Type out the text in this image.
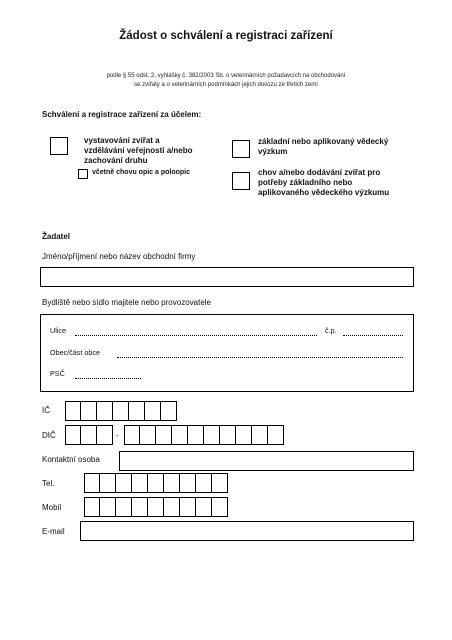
Žádost o schválení a registraci zařízení
podle § 55 odst. 2, vyhlášky č. 382/2003 Sb. o veterinárních požadavcích na obchodování
se zvířaty a o veterinárních podmínkách jejich dovozu ze třetích zemí
Schválení a registrace zařízení za účelem:
vystavování zvířat a
vzdělávání veřejnosti a/nebo
zachování druhu
včetně chovu opic a poloopic
základní nebo aplikovaný vědecký
výzkum
chov a/nebo dodávání zvířat pro
potřeby základního nebo
aplikovaného vědeckého výzkumu
Žadatel
Jméno/příjmení nebo název obchodní firmy
Bydliště nebo sídlo majitele nebo provozovatele
Ulice	č.p.
Obec/část obce
PSČ
IČ
DIČ	-
Kontaktní osoba
Tel.
Mobil
E-mail
